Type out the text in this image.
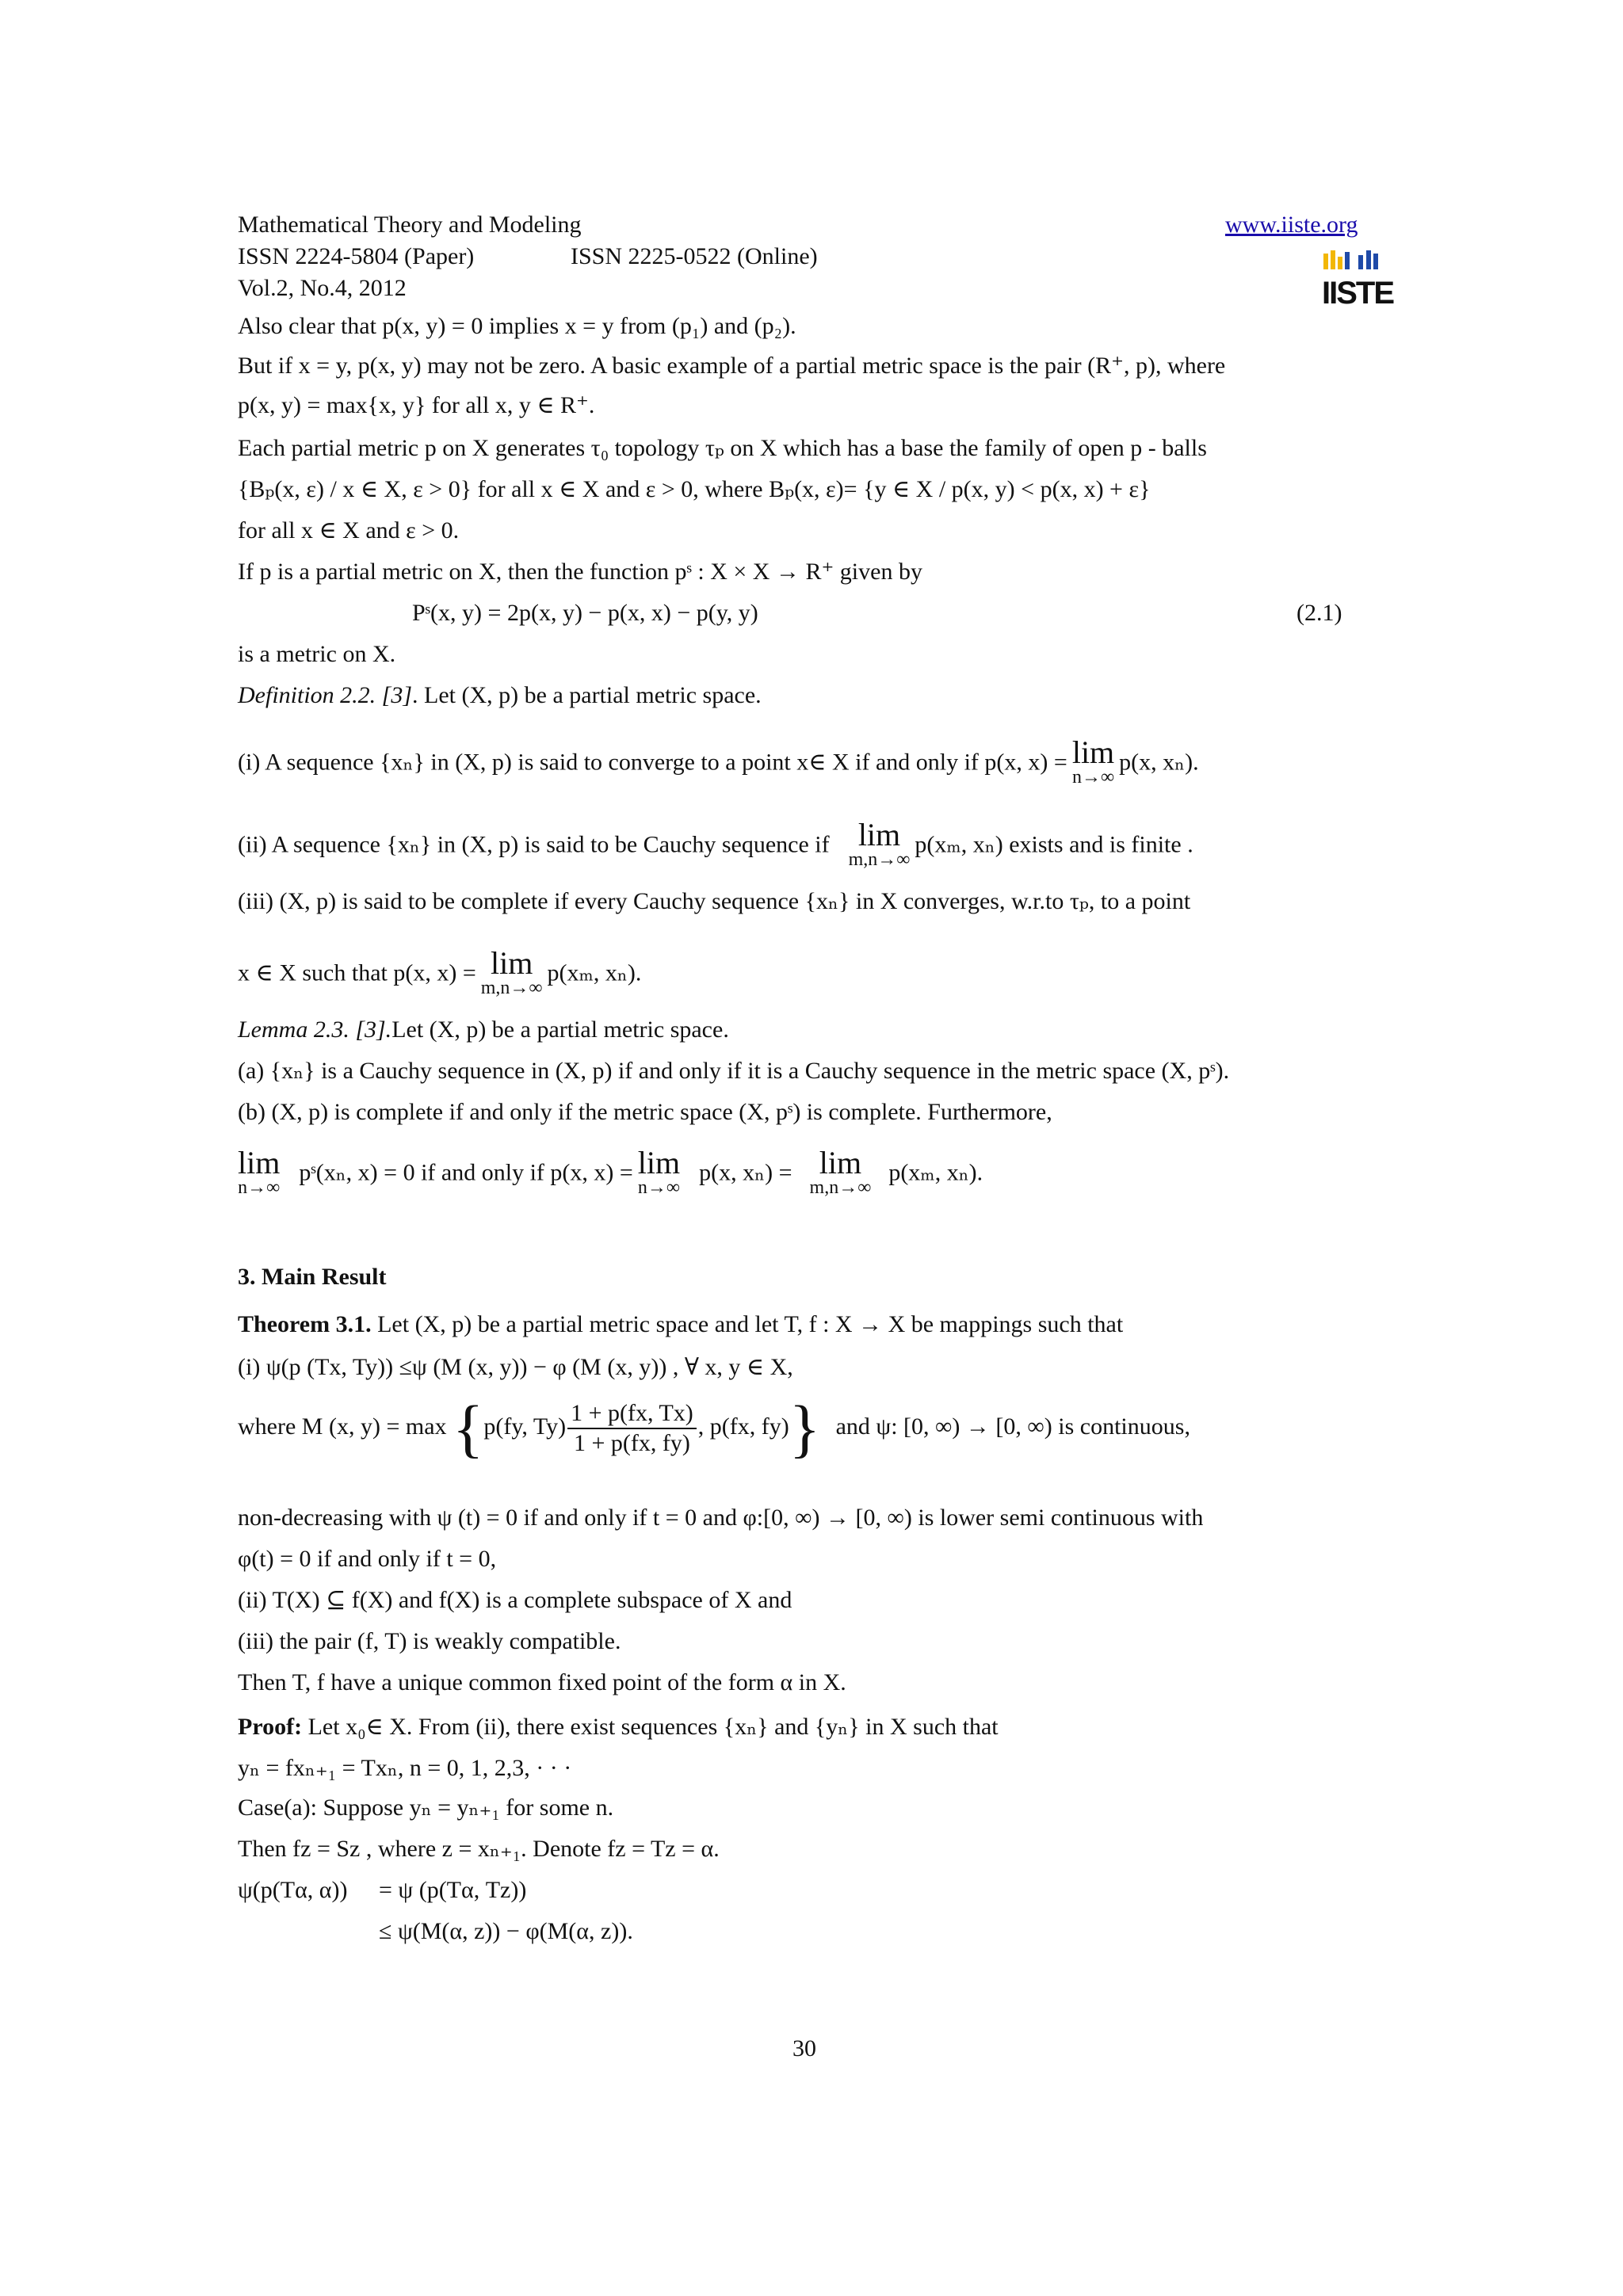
Mathematical Theory and Modeling	www.iiste.org
ISSN 2224-5804 (Paper)	ISSN 2225-0522 (Online)
Vol.2, No.4, 2012	IISTE
Also clear that p(x, y) = 0 implies x = y from (p₁) and (p₂).
But if x = y, p(x, y) may not be zero. A basic example of a partial metric space is the pair (R⁺, p), where
p(x, y) = max{x, y} for all x, y ∈ R⁺.
Each partial metric p on X generates τ₀ topology τₚ on X which has a base the family of open p - balls
{Bₚ(x, ε) / x ∈ X, ε > 0} for all x ∈ X and ε > 0, where Bₚ(x, ε)= {y ∈ X / p(x, y) < p(x, x) + ε}
for all x ∈ X and ε > 0.
If p is a partial metric on X, then the function pˢ : X × X → R⁺ given by
Pˢ(x, y) = 2p(x, y) − p(x, x) − p(y, y)	(2.1)
is a metric on X.
Definition 2.2. [3]. Let (X, p) be a partial metric space.
(i) A sequence {xₙ} in (X, p) is said to converge to a point x∈ X if and only if p(x, x) = lim
n→∞
p(x, xₙ).
(ii) A sequence {xₙ} in (X, p) is said to be Cauchy sequence if lim
m,n→∞
p(xₘ, xₙ) exists and is finite .
(iii) (X, p) is said to be complete if every Cauchy sequence {xₙ} in X converges, w.r.to τₚ, to a point
x ∈ X such that p(x, x) = lim
m,n→∞
p(xₘ, xₙ).
Lemma 2.3. [3].Let (X, p) be a partial metric space.
(a) {xₙ} is a Cauchy sequence in (X, p) if and only if it is a Cauchy sequence in the metric space (X, pˢ).
(b) (X, p) is complete if and only if the metric space (X, pˢ) is complete. Furthermore,
lim
n→∞
pˢ(xₙ, x) = 0 if and only if p(x, x) = lim
n→∞
p(x, xₙ) = lim
m,n→∞
p(xₘ, xₙ).
3. Main Result
Theorem 3.1. Let (X, p) be a partial metric space and let T, f : X → X be mappings such that
(i) ψ(p (Tx, Ty)) ≤ψ (M (x, y)) − φ (M (x, y)) , ∀ x, y ∈ X,
where M (x, y) = max {p(fy, $Ty) \frac{1 + p(fx, Tx)}{1 + p(fx, fy)}$ , p(fx, fy)} and ψ: [0, ∞) → [0, ∞) is continuous,
non-decreasing with ψ (t) = 0 if and only if t = 0 and φ:[0, ∞) → [0, ∞) is lower semi continuous with
φ(t) = 0 if and only if t = 0,
(ii) T(X) ⊆ f(X) and f(X) is a complete subspace of X and
(iii) the pair (f, T) is weakly compatible.
Then T, f have a unique common fixed point of the form α in X.
Proof: Let x₀∈ X. From (ii), there exist sequences {xₙ} and {yₙ} in X such that
yₙ = fxₙ₊₁ = Txₙ, n = 0, 1, 2,3, · · ·
Case(a): Suppose yₙ = yₙ₊₁ for some n.
Then fz = Sz , where z = xₙ₊₁. Denote fz = Tz = α.
ψ(p(Tα, α)) = ψ (p(Tα, Tz))
≤ ψ(M(α, z)) − φ(M(α, z)).
30
